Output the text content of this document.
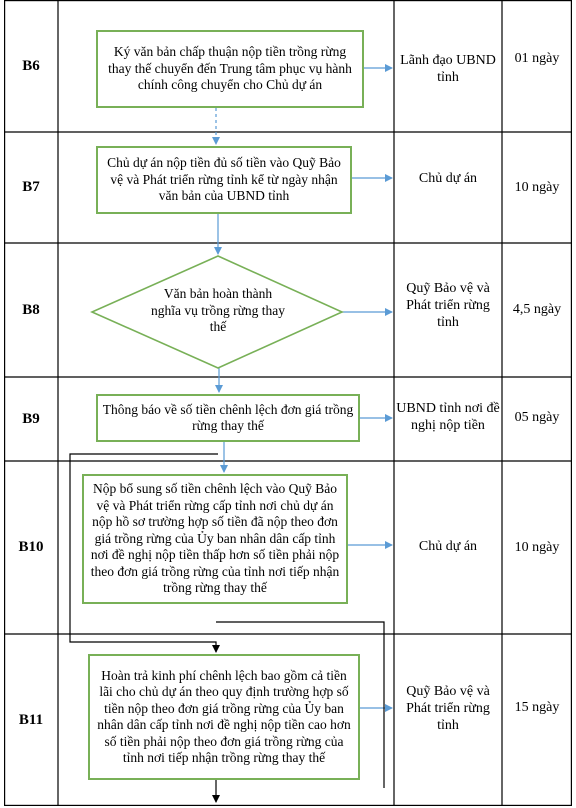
B6
Ký văn bản chấp thuận nộp tiền trồng rừng thay thế chuyển đến Trung tâm phục vụ hành chính công chuyển cho Chủ dự án
Lãnh đạo UBND tỉnh
01 ngày
B7
Chủ dự án nộp tiền đủ số tiền vào Quỹ Bảo vệ và Phát triển rừng tỉnh kể từ ngày nhận văn bản của UBND tỉnh
Chủ dự án
10 ngày
B8
Văn bản hoàn thành nghĩa vụ trồng rừng thay thế
Quỹ Bảo vệ và Phát triển rừng tỉnh
4,5 ngày
B9
Thông báo về số tiền chênh lệch đơn giá trồng rừng thay thế
UBND tỉnh nơi đề nghị nộp tiền
05 ngày
B10
Nộp bổ sung số tiền chênh lệch vào Quỹ Bảo vệ và Phát triển rừng cấp tỉnh nơi chủ dự án nộp hồ sơ trường hợp số tiền đã nộp theo đơn giá trồng rừng của Ủy ban nhân dân cấp tỉnh nơi đề nghị nộp tiền thấp hơn số tiền phải nộp theo đơn giá trồng rừng của tỉnh nơi tiếp nhận trồng rừng thay thế
Chủ dự án	10 ngày
B11
Hoàn trả kinh phí chênh lệch bao gồm cả tiền lãi cho chủ dự án theo quy định trường hợp số tiền nộp theo đơn giá trồng rừng của Ủy ban nhân dân cấp tỉnh nơi đề nghị nộp tiền cao hơn số tiền phải nộp theo đơn giá trồng rừng của tỉnh nơi tiếp nhận trồng rừng thay thế
Quỹ Bảo vệ và Phát triển rừng tỉnh
15 ngày
